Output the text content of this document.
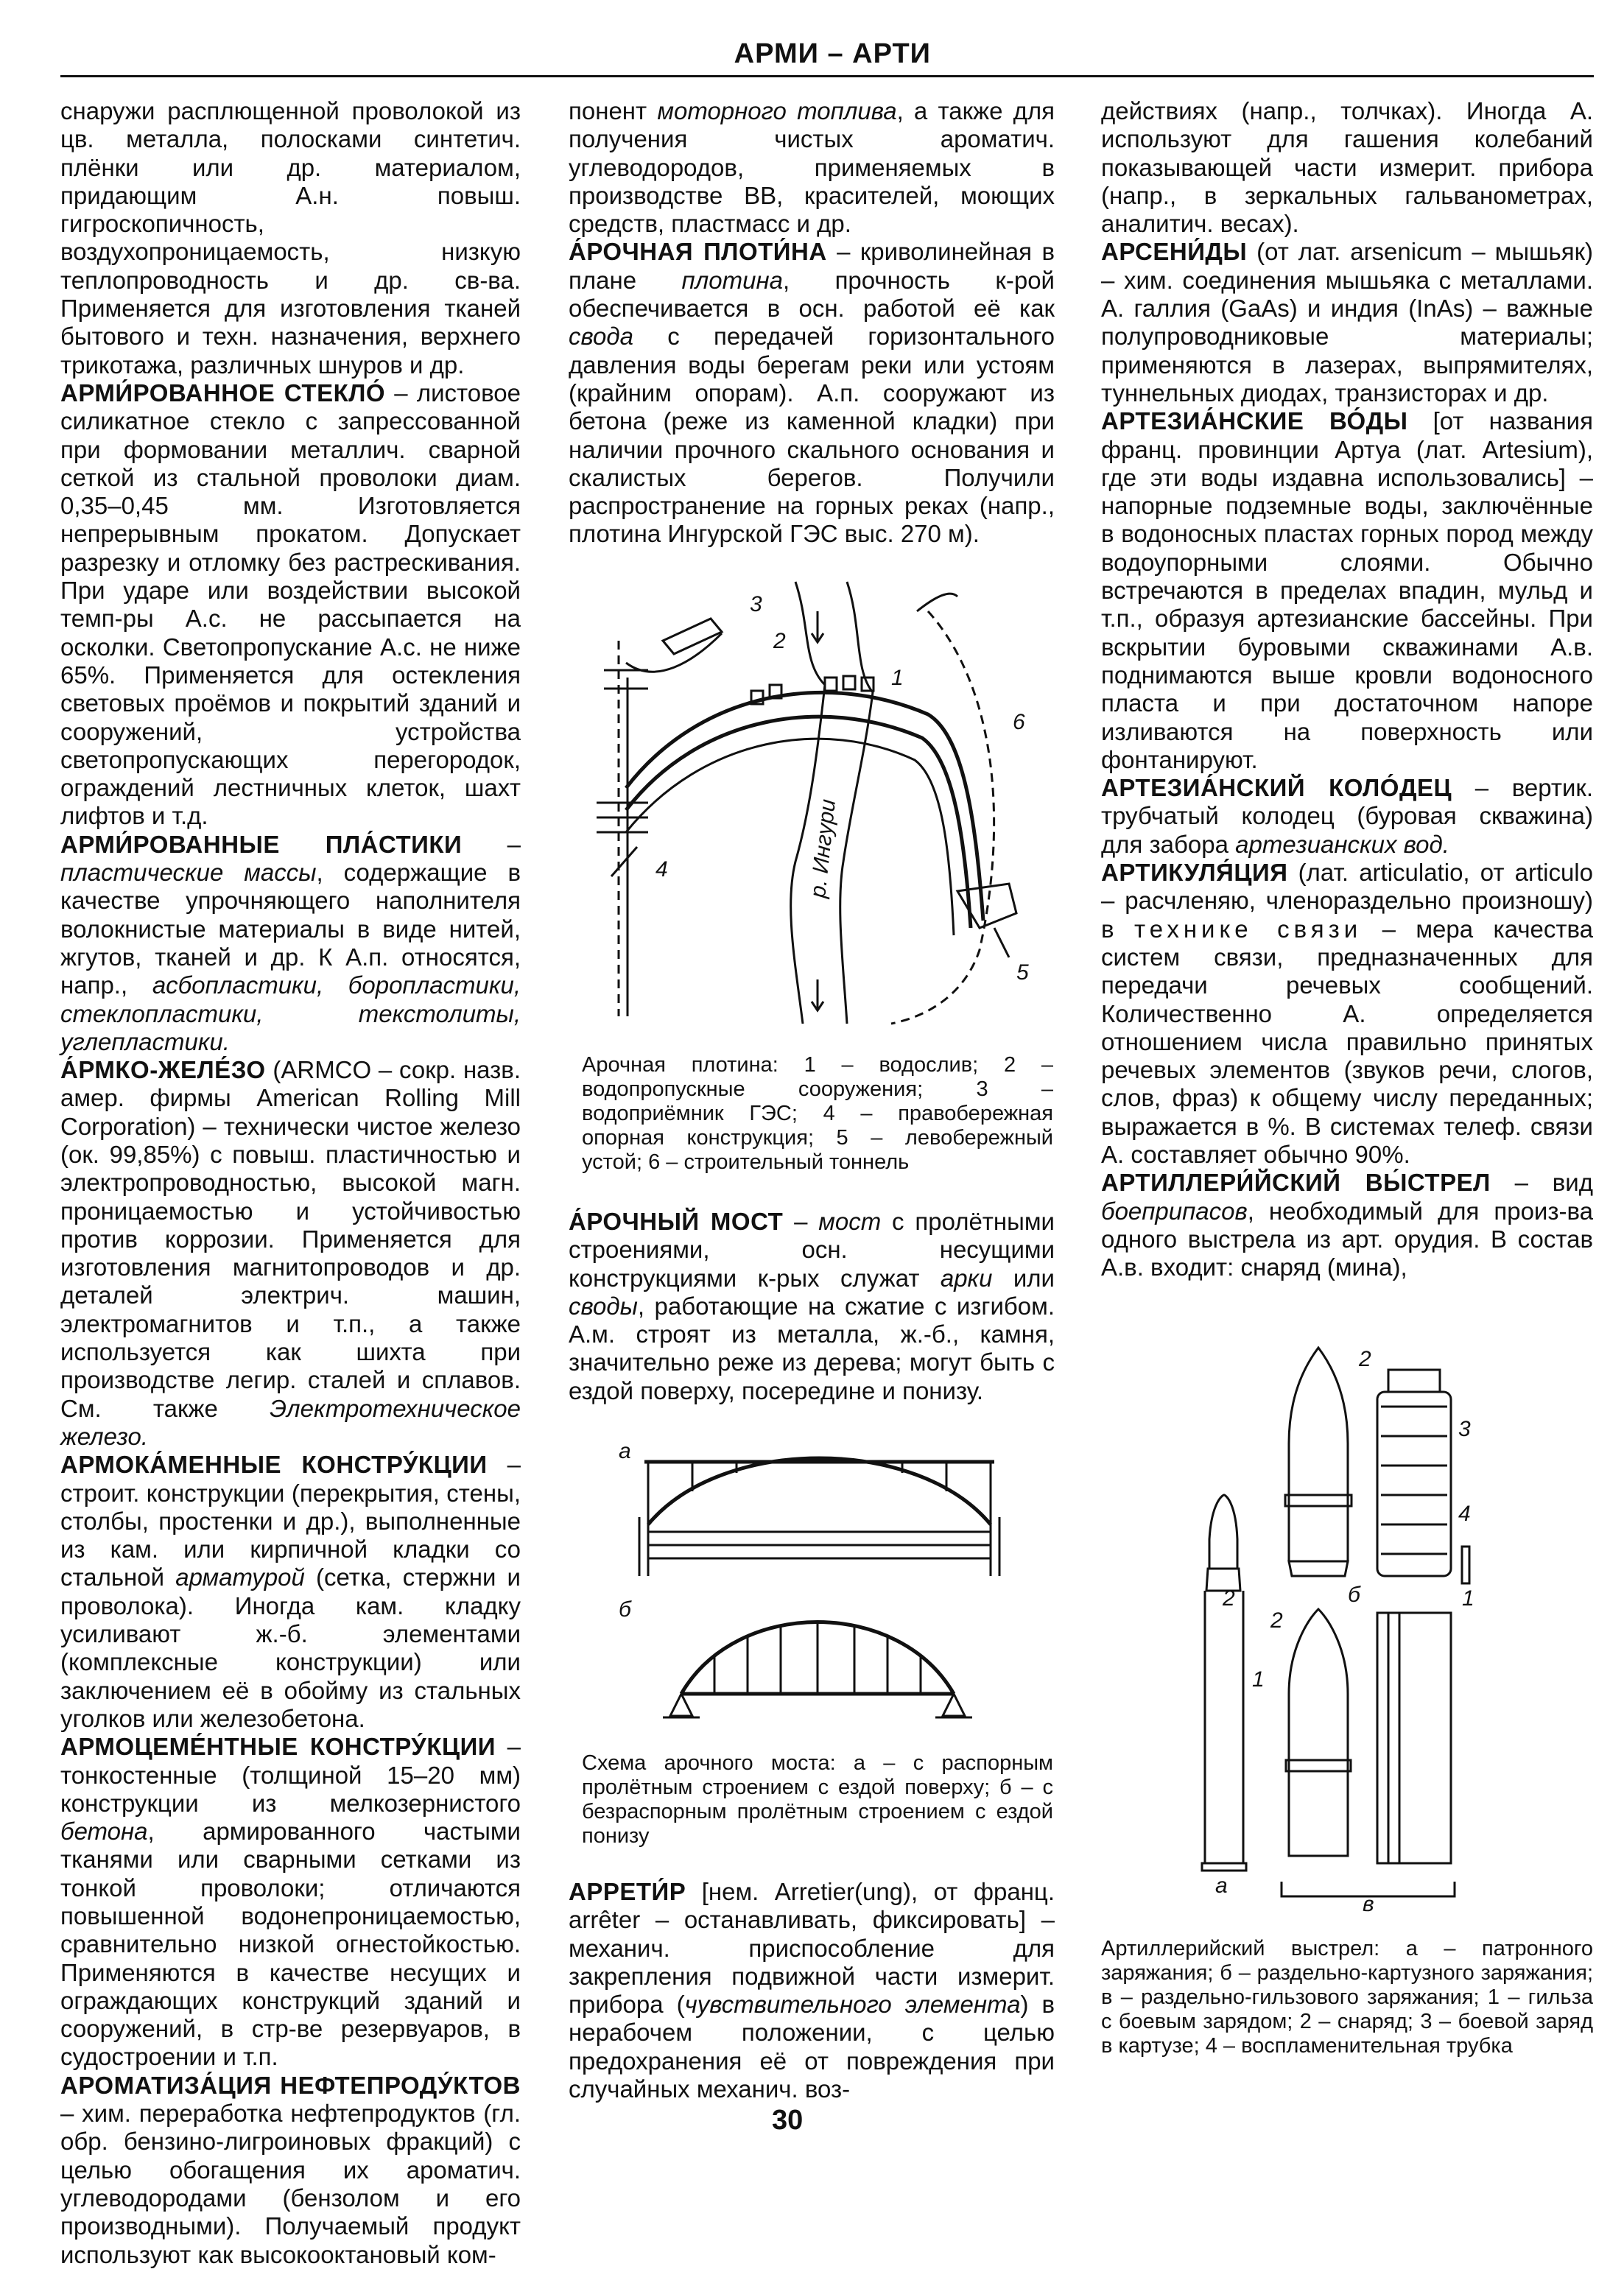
АРМИ – АРТИ

снаружи расплющенной проволокой из цв. металла, полосками синтетич. плёнки или др. материалом, придающим А.н. повыш. гигроскопичность, воздухопроницаемость, низкую теплопроводность и др. св-ва. Применяется для изготовления тканей бытового и техн. назначения, верхнего трикотажа, различных шнуров и др.

АРМИ́РОВАННОЕ СТЕКЛО́ – листовое силикатное стекло с запрессованной при формовании металлич. сварной сеткой из стальной проволоки диам. 0,35–0,45 мм. Изготовляется непрерывным прокатом. Допускает разрезку и отломку без растрескивания. При ударе или воздействии высокой темп-ры А.с. не рассыпается на осколки. Светопропускание А.с. не ниже 65%. Применяется для остекления световых проёмов и покрытий зданий и сооружений, устройства светопропускающих перегородок, ограждений лестничных клеток, шахт лифтов и т.д.

АРМИ́РОВАННЫЕ ПЛА́СТИКИ – пластические массы, содержащие в качестве упрочняющего наполнителя волокнистые материалы в виде нитей, жгутов, тканей и др. К А.п. относятся, напр., асбопластики, боропластики, стеклопластики, текстолиты, углепластики.

А́РМКО-ЖЕЛЕ́ЗО (ARMCO – сокр. назв. амер. фирмы American Rolling Mill Corporation) – технически чистое железо (ок. 99,85%) с повыш. пластичностью и электропроводностью, высокой магн. проницаемостью и устойчивостью против коррозии. Применяется для изготовления магнитопроводов и др. деталей электрич. машин, электромагнитов и т.п., а также используется как шихта при производстве легир. сталей и сплавов. См. также Электротехническое железо.

АРМОКА́МЕННЫЕ КОНСТРУ́КЦИИ – строит. конструкции (перекрытия, стены, столбы, простенки и др.), выполненные из кам. или кирпичной кладки со стальной арматурой (сетка, стержни и проволока). Иногда кам. кладку усиливают ж.-б. элементами (комплексные конструкции) или заключением её в обойму из стальных уголков или железобетона.

АРМОЦЕМЕ́НТНЫЕ КОНСТРУ́КЦИИ – тонкостенные (толщиной 15–20 мм) конструкции из мелкозернистого бетона, армированного частыми тканями или сварными сетками из тонкой проволоки; отличаются повышенной водонепроницаемостью, сравнительно низкой огнестойкостью. Применяются в качестве несущих и ограждающих конструкций зданий и сооружений, в стр-ве резервуаров, в судостроении и т.п.

АРОМАТИЗА́ЦИЯ НЕФТЕПРОДУ́КТОВ – хим. переработка нефтепродуктов (гл. обр. бензино-лигроиновых фракций) с целью обогащения их ароматич. углеводородами (бензолом и его производными). Получаемый продукт используют как высокооктановый ком-

понент моторного топлива, а также для получения чистых ароматич. углеводородов, применяемых в производстве ВВ, красителей, моющих средств, пластмасс и др.

А́РОЧНАЯ ПЛОТИ́НА – криволинейная в плане плотина, прочность к-рой обеспечивается в осн. работой её как свода с передачей горизонтального давления воды берегам реки или устоям (крайним опорам). А.п. сооружают из бетона (реже из каменной кладки) при наличии прочного скального основания и скалистых берегов. Получили распространение на горных реках (напр., плотина Ингурской ГЭС выс. 270 м).

р. Ингури
1
2
3
4
5
6
Арочная плотина: 1 – водослив; 2 – водопропускные сооружения; 3 – водоприёмник ГЭС; 4 – правобережная опорная конструкция; 5 – левобережный устой; 6 – строительный тоннель

А́РОЧНЫЙ МОСТ – мост с пролётными строениями, осн. несущими конструкциями к-рых служат арки или своды, работающие на сжатие с изгибом. А.м. строят из металла, ж.-б., камня, значительно реже из дерева; могут быть с ездой поверху, посередине и понизу.

а
б
Схема арочного моста: а – с распорным пролётным строением с ездой поверху; б – с безраспорным пролётным строением с ездой понизу

АРРЕТИ́Р [нем. Arretier(ung), от франц. arrêter – останавливать, фиксировать] – механич. приспособление для закрепления подвижной части измерит. прибора (чувствительного элемента) в нерабочем положении, с целью предохранения её от повреждения при случайных механич. воз-

действиях (напр., толчках). Иногда А. используют для гашения колебаний показывающей части измерит. прибора (напр., в зеркальных гальванометрах, аналитич. весах).

АРСЕНИ́ДЫ (от лат. arsenicum – мышьяк) – хим. соединения мышьяка с металлами. А. галлия (GaAs) и индия (InAs) – важные полупроводниковые материалы; применяются в лазерах, выпрямителях, туннельных диодах, транзисторах и др.

АРТЕЗИА́НСКИЕ ВО́ДЫ [от названия франц. провинции Артуа (лат. Artesium), где эти воды издавна использовались] – напорные подземные воды, заключённые в водоносных пластах горных пород между водоупорными слоями. Обычно встречаются в пределах впадин, мульд и т.п., образуя артезианские бассейны. При вскрытии буровыми скважинами А.в. поднимаются выше кровли водоносного пласта и при достаточном напоре изливаются на поверхность или фонтанируют.

АРТЕЗИА́НСКИЙ КОЛО́ДЕЦ – вертик. трубчатый колодец (буровая скважина) для забора артезианских вод.

АРТИКУЛЯ́ЦИЯ (лат. articulatio, от articulo – расчленяю, членораздельно произношу) в технике связи – мера качества систем связи, предназначенных для передачи речевых сообщений. Количественно А. определяется отношением числа правильно принятых речевых элементов (звуков речи, слогов, слов, фраз) к общему числу переданных; выражается в %. В системах телеф. связи А. составляет обычно 90%.

АРТИЛЛЕРИ́ЙСКИЙ ВЫ́СТРЕЛ – вид боеприпасов, необходимый для произ-ва одного выстрела из арт. орудия. В состав А.в. входит: снаряд (мина),

1
1
2
2
2
3
4
а
б
в
Артиллерийский выстрел: а – патронного заряжания; б – раздельно-картузного заряжания; в – раздельно-гильзового заряжания; 1 – гильза с боевым зарядом; 2 – снаряд; 3 – боевой заряд в картузе; 4 – воспламенительная трубка
30
